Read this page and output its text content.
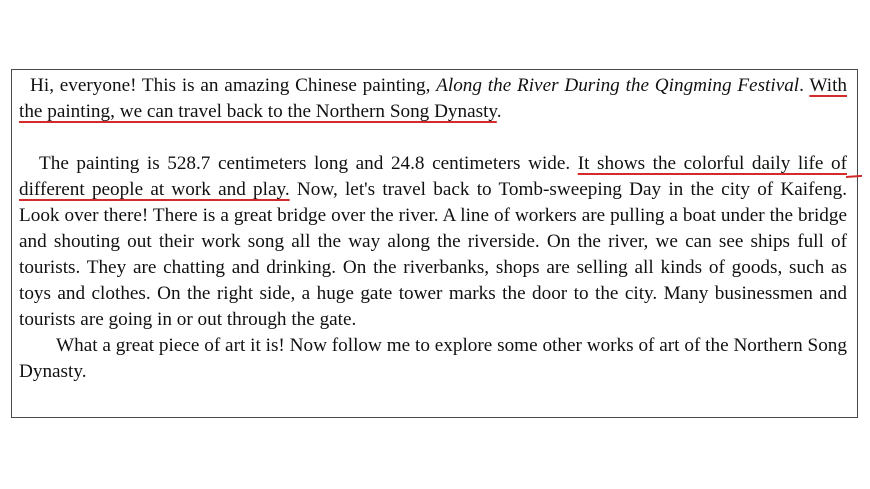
Hi, everyone! This is an amazing Chinese painting, Along the River During the Qingming Festival. With the painting, we can travel back to the Northern Song Dynasty.

The painting is 528.7 centimeters long and 24.8 centimeters wide. It shows the colorful daily life of different people at work and play. Now, let's travel back to Tomb-sweeping Day in the city of Kaifeng. Look over there! There is a great bridge over the river. A line of workers are pulling a boat under the bridge and shouting out their work song all the way along the riverside. On the river, we can see ships full of tourists. They are chatting and drinking. On the riverbanks, shops are selling all kinds of goods, such as toys and clothes. On the right side, a huge gate tower marks the door to the city. Many businessmen and tourists are going in or out through the gate.

What a great piece of art it is! Now follow me to explore some other works of art of the Northern Song Dynasty.
